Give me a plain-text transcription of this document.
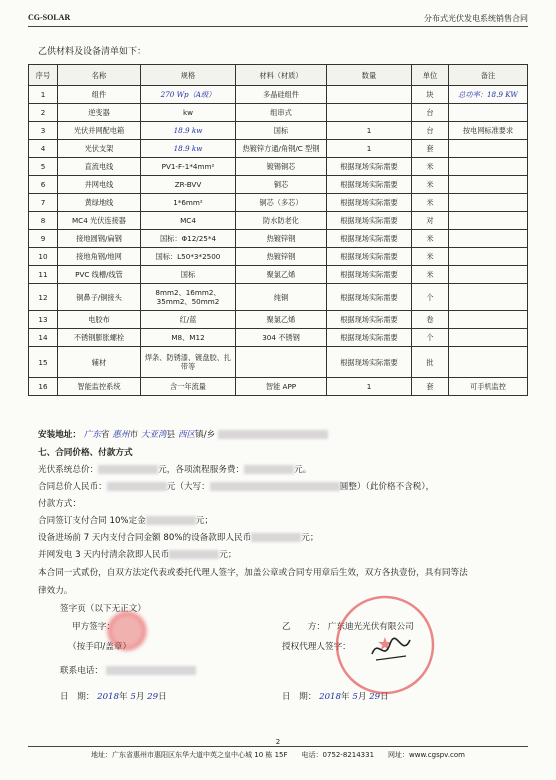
CG-SOLAR	分布式光伏发电系统销售合同
乙供材料及设备清单如下：
序号	名称	规格	材料（材质）	数量	单位	备注
1	组件	270 Wp（A级）	多晶硅组件		块	总功率：18.9 KW
2	逆变器	kw	组串式		台	
3	光伏并网配电箱	18.9 kw	国标	1	台	按电网标准要求
4	光伏支架	18.9 kw	热镀锌方通/角钢/C 型钢	1	套	
5	直流电线	PV1-F-1*4mm²	镀锡铜芯	根据现场实际需要	米	
6	并网电线	ZR-BVV	铜芯	根据现场实际需要	米	
7	黄绿地线	1*6mm²	铜芯（多芯）	根据现场实际需要	米	
8	MC4 光伏连接器	MC4	防水防老化	根据现场实际需要	对	
9	接地圆钢/扁钢	国标：Φ12/25*4	热镀锌钢	根据现场实际需要	米	
10	接地角钢/地网	国标：L50*3*2500	热镀锌钢	根据现场实际需要	米	
11	PVC 线槽/线管	国标	聚氯乙烯	根据现场实际需要	米	
12	铜鼻子/铜接头	8mm2、16mm2、35mm2、50mm2	纯铜	根据现场实际需要	个	
13	电胶布	红/蓝	聚氯乙烯	根据现场实际需要	卷	
14	不锈钢膨胀螺栓	M8、M12	304 不锈钢	根据现场实际需要	个	
15	辅材	焊条、防锈漆、镀盘胶、扎带等		根据现场实际需要	批	
16	智能监控系统	含一年流量	智能 APP	1	套	可手机监控
安装地址： 广东省 惠州市 大亚湾县 西区镇/乡
七、合同价格、付款方式
光伏系统总价：	元，各项流程服务费：	元。
合同总价人民币：	元（大写：	圆整）（此价格不含税），
付款方式：
合同签订支付合同 10%定金	元；
设备进场前 7 天内支付合同金额 80%的设备款即人民币	元；
并网发电 3 天内付清余款即人民币	元；
本合同一式贰份，自双方法定代表或委托代理人签字，加盖公章或合同专用章后生效，双方各执壹份，具有同等法
律效力。
签字页（以下无正文）
甲方签字：
（按手印/盖章）
联系电话：
日　期： 2018年 5月 29日
乙　　方： 广东迪光光伏有限公司
授权代理人签字：
日　期： 2018年 5月 29日
★
2
地址：广东省惠州市惠阳区东华大道中英之皇中心城 10 栋 15F　　电话：0752-8214331　　网址：www.cgspv.com
